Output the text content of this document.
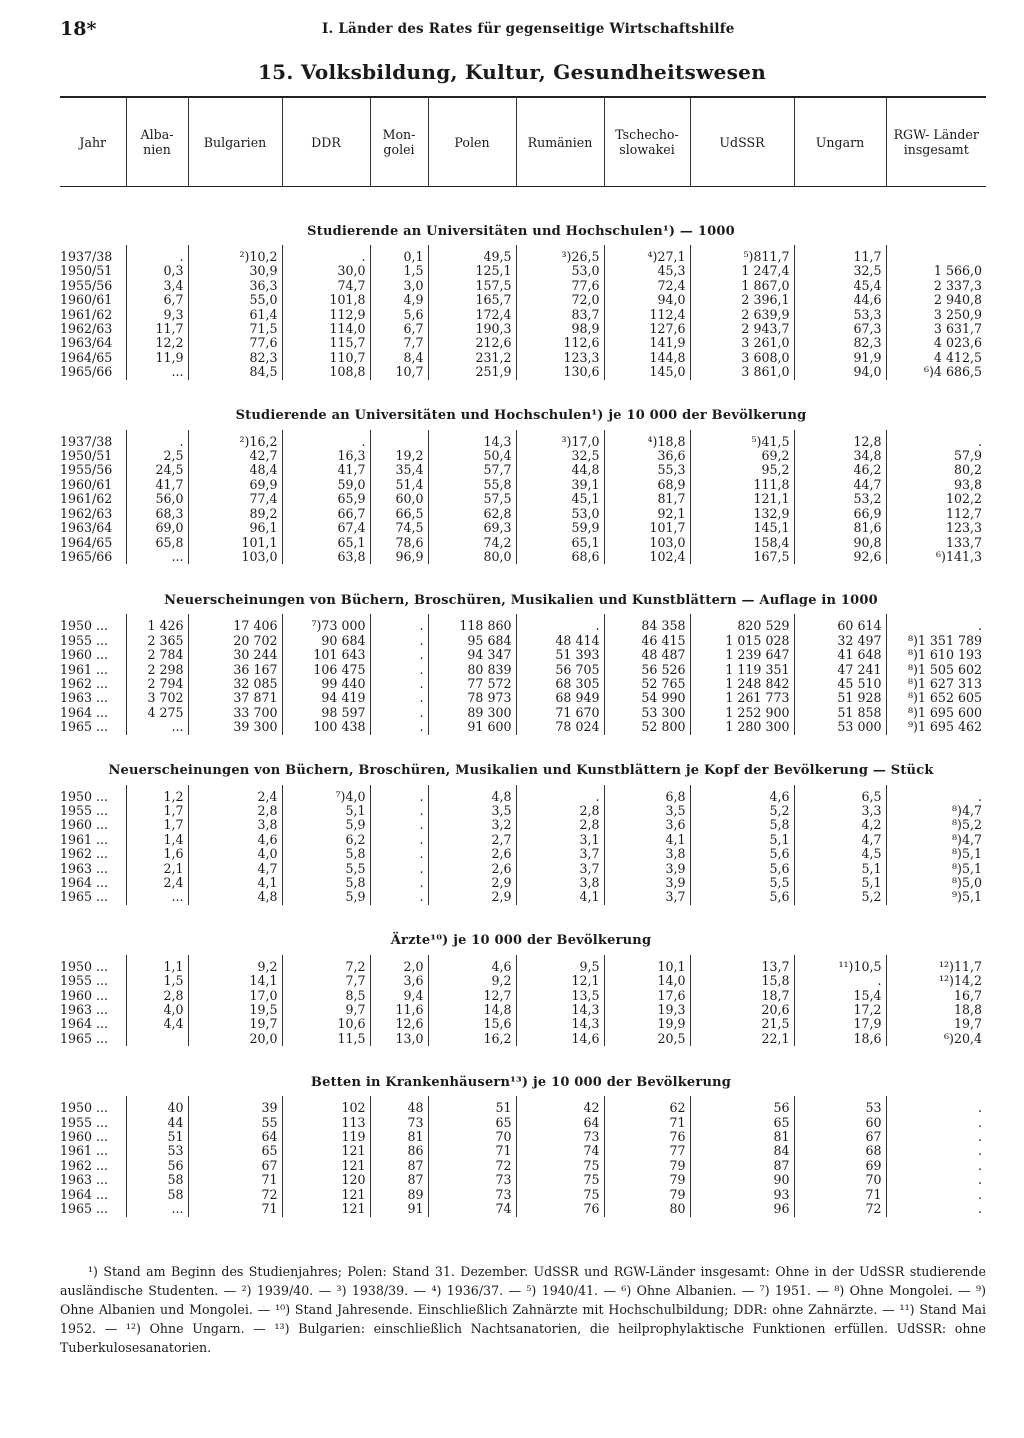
18*	I. Länder des Rates für gegenseitige Wirtschaftshilfe
15. Volksbildung, Kultur, Gesundheitswesen
Jahr	Alba- nien	Bulgarien	DDR	Mon- golei	Polen	Rumänien	Tschecho- slowakei	UdSSR	Ungarn	RGW- Länder insgesamt
Studierende an Universitäten und Hochschulen¹) — 1000										

1937/38	.	²)10,2	.	0,1	49,5	³)26,5	⁴)27,1	⁵)811,7	11,7	
1950/51	0,3	30,9	30,0	1,5	125,1	53,0	45,3	1 247,4	32,5	1 566,0
1955/56	3,4	36,3	74,7	3,0	157,5	77,6	72,4	1 867,0	45,4	2 337,3
1960/61	6,7	55,0	101,8	4,9	165,7	72,0	94,0	2 396,1	44,6	2 940,8
1961/62	9,3	61,4	112,9	5,6	172,4	83,7	112,4	2 639,9	53,3	3 250,9
1962/63	11,7	71,5	114,0	6,7	190,3	98,9	127,6	2 943,7	67,3	3 631,7
1963/64	12,2	77,6	115,7	7,7	212,6	112,6	141,9	3 261,0	82,3	4 023,6
1964/65	11,9	82,3	110,7	8,4	231,2	123,3	144,8	3 608,0	91,9	4 412,5
1965/66	...	84,5	108,8	10,7	251,9	130,6	145,0	3 861,0	94,0	⁶)4 686,5
Studierende an Universitäten und Hochschulen¹) je 10 000 der Bevölkerung										

1937/38	.	²)16,2	.		14,3	³)17,0	⁴)18,8	⁵)41,5	12,8	.
1950/51	2,5	42,7	16,3	19,2	50,4	32,5	36,6	69,2	34,8	57,9
1955/56	24,5	48,4	41,7	35,4	57,7	44,8	55,3	95,2	46,2	80,2
1960/61	41,7	69,9	59,0	51,4	55,8	39,1	68,9	111,8	44,7	93,8
1961/62	56,0	77,4	65,9	60,0	57,5	45,1	81,7	121,1	53,2	102,2
1962/63	68,3	89,2	66,7	66,5	62,8	53,0	92,1	132,9	66,9	112,7
1963/64	69,0	96,1	67,4	74,5	69,3	59,9	101,7	145,1	81,6	123,3
1964/65	65,8	101,1	65,1	78,6	74,2	65,1	103,0	158,4	90,8	133,7
1965/66	...	103,0	63,8	96,9	80,0	68,6	102,4	167,5	92,6	⁶)141,3
Neuerscheinungen von Büchern, Broschüren, Musikalien und Kunstblättern — Auflage in 1000										

1950 ...	1 426	17 406	⁷)73 000	.	118 860	.	84 358	820 529	60 614	.
1955 ...	2 365	20 702	90 684	.	95 684	48 414	46 415	1 015 028	32 497	⁸)1 351 789
1960 ...	2 784	30 244	101 643	.	94 347	51 393	48 487	1 239 647	41 648	⁸)1 610 193
1961 ...	2 298	36 167	106 475	.	80 839	56 705	56 526	1 119 351	47 241	⁸)1 505 602
1962 ...	2 794	32 085	99 440	.	77 572	68 305	52 765	1 248 842	45 510	⁸)1 627 313
1963 ...	3 702	37 871	94 419	.	78 973	68 949	54 990	1 261 773	51 928	⁸)1 652 605
1964 ...	4 275	33 700	98 597	.	89 300	71 670	53 300	1 252 900	51 858	⁸)1 695 600
1965 ...	...	39 300	100 438	.	91 600	78 024	52 800	1 280 300	53 000	⁹)1 695 462
Neuerscheinungen von Büchern, Broschüren, Musikalien und Kunstblättern je Kopf der Bevölkerung — Stück										

1950 ...	1,2	2,4	⁷)4,0	.	4,8	.	6,8	4,6	6,5	.
1955 ...	1,7	2,8	5,1	.	3,5	2,8	3,5	5,2	3,3	⁸)4,7
1960 ...	1,7	3,8	5,9	.	3,2	2,8	3,6	5,8	4,2	⁸)5,2
1961 ...	1,4	4,6	6,2	.	2,7	3,1	4,1	5,1	4,7	⁸)4,7
1962 ...	1,6	4,0	5,8	.	2,6	3,7	3,8	5,6	4,5	⁸)5,1
1963 ...	2,1	4,7	5,5	.	2,6	3,7	3,9	5,6	5,1	⁸)5,1
1964 ...	2,4	4,1	5,8	.	2,9	3,8	3,9	5,5	5,1	⁸)5,0
1965 ...	...	4,8	5,9	.	2,9	4,1	3,7	5,6	5,2	⁹)5,1
Ärzte¹⁰) je 10 000 der Bevölkerung										

1950 ...	1,1	9,2	7,2	2,0	4,6	9,5	10,1	13,7	¹¹)10,5	¹²)11,7
1955 ...	1,5	14,1	7,7	3,6	9,2	12,1	14,0	15,8	.	¹²)14,2
1960 ...	2,8	17,0	8,5	9,4	12,7	13,5	17,6	18,7	15,4	16,7
1963 ...	4,0	19,5	9,7	11,6	14,8	14,3	19,3	20,6	17,2	18,8
1964 ...	4,4	19,7	10,6	12,6	15,6	14,3	19,9	21,5	17,9	19,7
1965 ...		20,0	11,5	13,0	16,2	14,6	20,5	22,1	18,6	⁶)20,4
Betten in Krankenhäusern¹³) je 10 000 der Bevölkerung										

1950 ...	40	39	102	48	51	42	62	56	53	.
1955 ...	44	55	113	73	65	64	71	65	60	.
1960 ...	51	64	119	81	70	73	76	81	67	.
1961 ...	53	65	121	86	71	74	77	84	68	.
1962 ...	56	67	121	87	72	75	79	87	69	.
1963 ...	58	71	120	87	73	75	79	90	70	.
1964 ...	58	72	121	89	73	75	79	93	71	.
1965 ...	...	71	121	91	74	76	80	96	72	.
¹) Stand am Beginn des Studienjahres; Polen: Stand 31. Dezember. UdSSR und RGW-Länder insgesamt: Ohne in der UdSSR studierende ausländische Studenten. — ²) 1939/40. — ³) 1938/39. — ⁴) 1936/37. — ⁵) 1940/41. — ⁶) Ohne Albanien. — ⁷) 1951. — ⁸) Ohne Mongolei. — ⁹) Ohne Albanien und Mongolei. — ¹⁰) Stand Jahresende. Einschließlich Zahnärzte mit Hochschulbildung; DDR: ohne Zahnärzte. — ¹¹) Stand Mai 1952. — ¹²) Ohne Ungarn. — ¹³) Bulgarien: einschließlich Nachtsanatorien, die heilprophylaktische Funktionen erfüllen. UdSSR: ohne Tuberkulosesanatorien.
